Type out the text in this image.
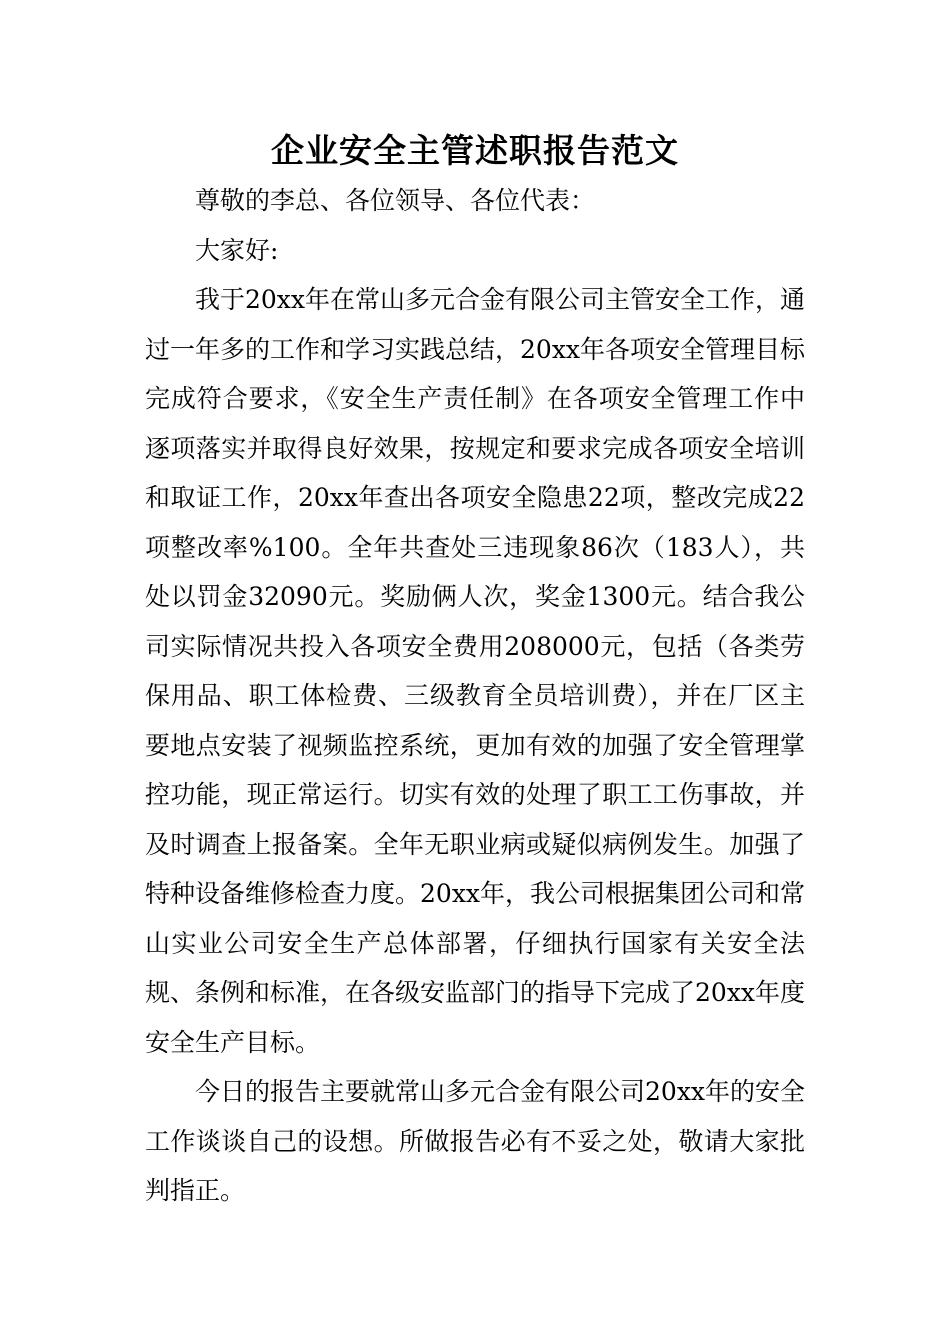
企业安全主管述职报告范文

尊敬的李总、各位领导、各位代表：

大家好:

我于20xx年在常山多元合金有限公司主管安全工作，通过一年多的工作和学习实践总结，20xx年各项安全管理目标完成符合要求，《安全生产责任制》在各项安全管理工作中逐项落实并取得良好效果，按规定和要求完成各项安全培训和取证工作，20xx年查出各项安全隐患22项，整改完成22项整改率%100。全年共查处三违现象86次（183人），共处以罚金32090元。奖励俩人次，奖金1300元。结合我公司实际情况共投入各项安全费用208000元，包括（各类劳保用品、职工体检费、三级教育全员培训费），并在厂区主要地点安装了视频监控系统，更加有效的加强了安全管理掌控功能，现正常运行。切实有效的处理了职工工伤事故，并及时调查上报备案。全年无职业病或疑似病例发生。加强了特种设备维修检查力度。20xx年，我公司根据集团公司和常山实业公司安全生产总体部署，仔细执行国家有关安全法规、条例和标准，在各级安监部门的指导下完成了20xx年度安全生产目标。

今日的报告主要就常山多元合金有限公司20xx年的安全工作谈谈自己的设想。所做报告必有不妥之处，敬请大家批判指正。
